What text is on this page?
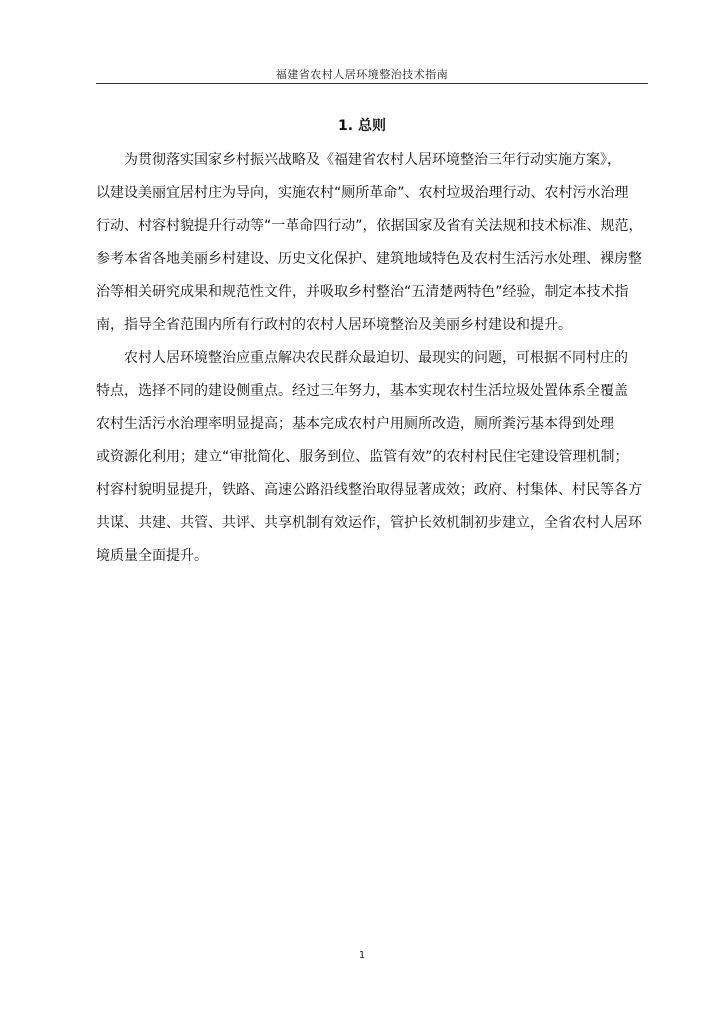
福建省农村人居环境整治技术指南
1. 总则
为贯彻落实国家乡村振兴战略及《福建省农村人居环境整治三年行动实施方案》，
以建设美丽宜居村庄为导向，实施农村“厕所革命”、农村垃圾治理行动、农村污水治理
行动、村容村貌提升行动等“一革命四行动”，依据国家及省有关法规和技术标准、规范，
参考本省各地美丽乡村建设、历史文化保护、建筑地域特色及农村生活污水处理、裸房整
治等相关研究成果和规范性文件，并吸取乡村整治“五清楚两特色”经验，制定本技术指
南，指导全省范围内所有行政村的农村人居环境整治及美丽乡村建设和提升。
农村人居环境整治应重点解决农民群众最迫切、最现实的问题，可根据不同村庄的
特点，选择不同的建设侧重点。经过三年努力，基本实现农村生活垃圾处置体系全覆盖
农村生活污水治理率明显提高；基本完成农村户用厕所改造，厕所粪污基本得到处理
或资源化利用；建立“审批简化、服务到位、监管有效”的农村村民住宅建设管理机制；
村容村貌明显提升，铁路、高速公路沿线整治取得显著成效；政府、村集体、村民等各方
共谋、共建、共管、共评、共享机制有效运作，管护长效机制初步建立，全省农村人居环
境质量全面提升。
1
